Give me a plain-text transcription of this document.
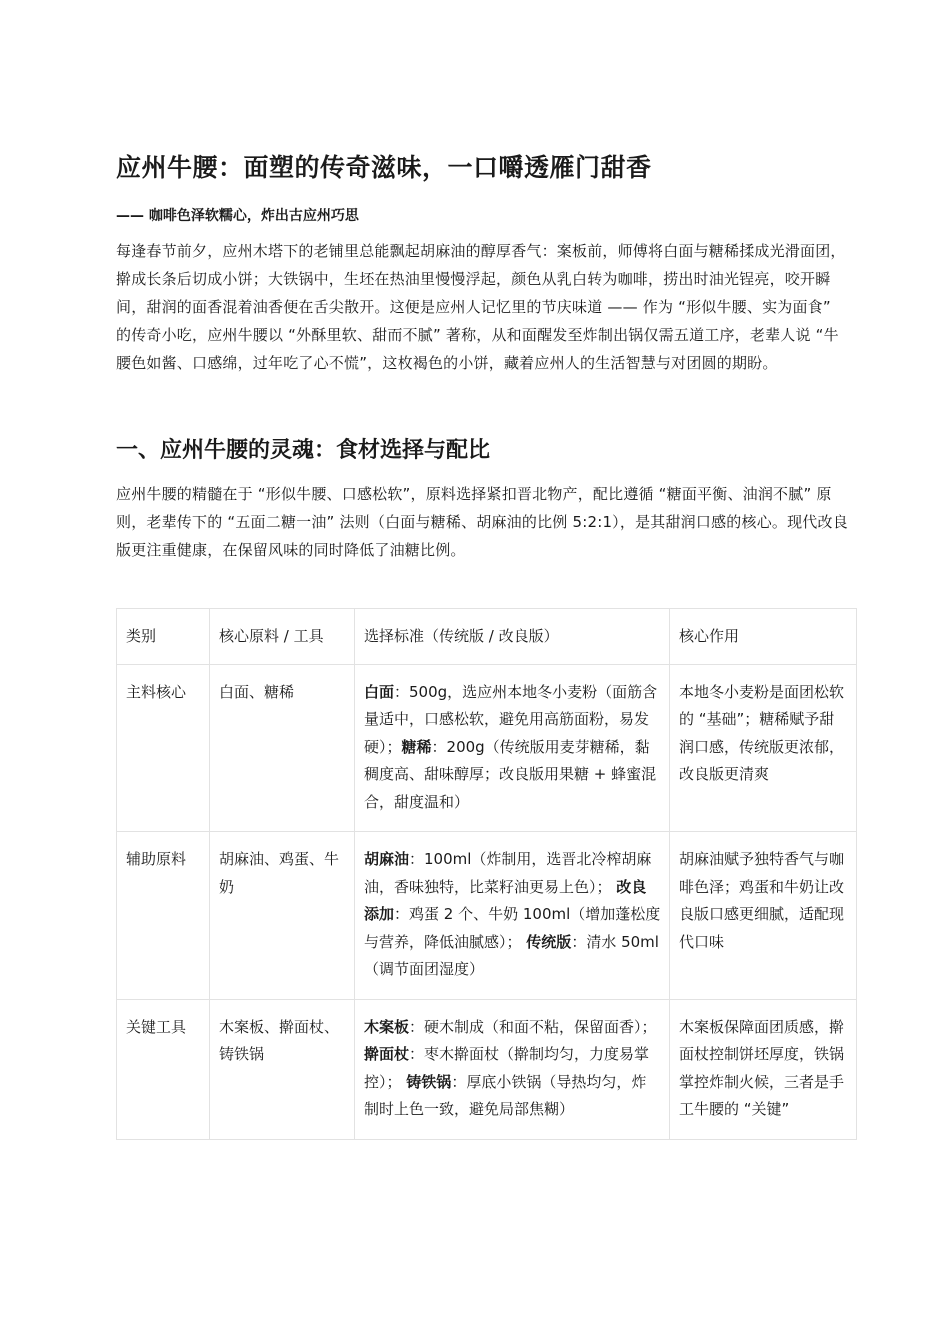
应州牛腰：面塑的传奇滋味，一口嚼透雁门甜香

—— 咖啡色泽软糯心，炸出古应州巧思

每逢春节前夕，应州木塔下的老铺里总能飘起胡麻油的醇厚香气：案板前，师傅将白面与糖稀揉成光滑面团，擀成长条后切成小饼；大铁锅中，生坯在热油里慢慢浮起，颜色从乳白转为咖啡，捞出时油光锃亮，咬开瞬间，甜润的面香混着油香便在舌尖散开。这便是应州人记忆里的节庆味道 —— 作为 “形似牛腰、实为面食” 的传奇小吃，应州牛腰以 “外酥里软、甜而不腻” 著称，从和面醒发至炸制出锅仅需五道工序，老辈人说 “牛腰色如酱、口感绵，过年吃了心不慌”，这枚褐色的小饼，藏着应州人的生活智慧与对团圆的期盼。

一、应州牛腰的灵魂：食材选择与配比

应州牛腰的精髓在于 “形似牛腰、口感松软”，原料选择紧扣晋北物产，配比遵循 “糖面平衡、油润不腻” 原则，老辈传下的 “五面二糖一油” 法则（白面与糖稀、胡麻油的比例 5:2:1），是其甜润口感的核心。现代改良版更注重健康，在保留风味的同时降低了油糖比例。

类别	核心原料 / 工具	选择标准（传统版 / 改良版）	核心作用
主料核心	白面、糖稀	白面：500g，选应州本地冬小麦粉（面筋含量适中，口感松软，避免用高筋面粉，易发硬）；糖稀：200g（传统版用麦芽糖稀，黏稠度高、甜味醇厚；改良版用果糖 + 蜂蜜混合，甜度温和）	本地冬小麦粉是面团松软的 “基础”；糖稀赋予甜润口感，传统版更浓郁，改良版更清爽
辅助原料	胡麻油、鸡蛋、牛奶	胡麻油：100ml（炸制用，选晋北冷榨胡麻油，香味独特，比菜籽油更易上色）； 改良添加：鸡蛋 2 个、牛奶 100ml（增加蓬松度与营养，降低油腻感）； 传统版：清水 50ml（调节面团湿度）	胡麻油赋予独特香气与咖啡色泽；鸡蛋和牛奶让改良版口感更细腻，适配现代口味
关键工具	木案板、擀面杖、铸铁锅	木案板：硬木制成（和面不粘，保留面香）；擀面杖：枣木擀面杖（擀制均匀，力度易掌控）； 铸铁锅：厚底小铁锅（导热均匀，炸制时上色一致，避免局部焦糊）	木案板保障面团质感，擀面杖控制饼坯厚度，铁锅掌控炸制火候，三者是手工牛腰的 “关键”
